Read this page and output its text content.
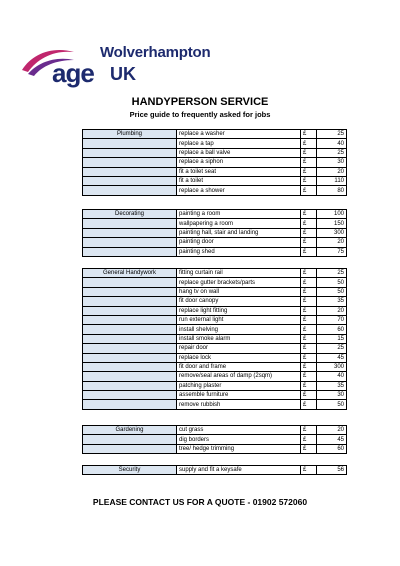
Wolverhampton
age UK
HANDYPERSON SERVICE
Price guide to frequently asked for jobs
Plumbing	replace a washer	£	25
	replace a tap	£	40
	replace a ball valve	£	25
	replace a siphon	£	30
	fit a toilet seat	£	20
	fit a toilet	£	110
	replace a shower	£	80
Decorating	painting a room	£	100
	wallpapering a room	£	150
	painting hall, stair and landing	£	300
	painting door	£	20
	painting shed	£	75
General Handywork	fitting curtain rail	£	25
	replace gutter brackets/parts	£	50
	hang tv on wall	£	50
	fit door canopy	£	35
	replace light fitting	£	20
	run external light	£	70
	install shelving	£	60
	install smoke alarm	£	15
	repair door	£	25
	replace lock	£	45
	fit door and frame	£	300
	remove/seal areas of damp (2sqm)	£	40
	patching plaster	£	35
	assemble furniture	£	30
	remove rubbish	£	50
Gardening	cut grass	£	20
	dig borders	£	45
	tree/ hedge trimming	£	60
Security	supply and fit a keysafe	£	56
PLEASE CONTACT US FOR A QUOTE - 01902 572060
